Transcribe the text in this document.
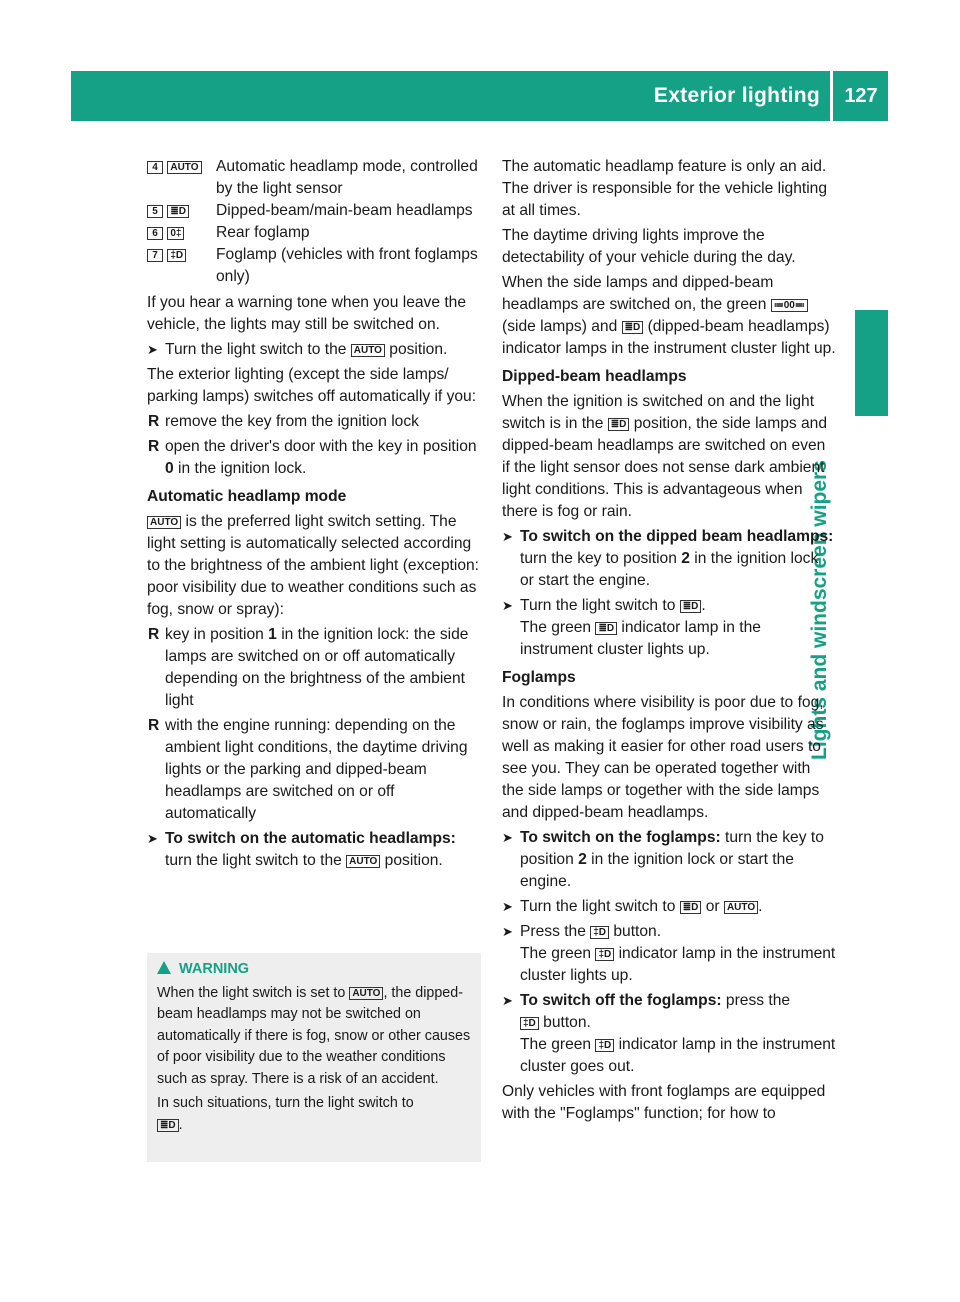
Exterior lighting	127
Lights and windscreen wipers
4 AUTO	Automatic headlamp mode, controlled by the light sensor
5 ≣D	Dipped-beam/main-beam headlamps
6 0‡	Rear foglamp
7 ‡D	Foglamp (vehicles with front foglamps only)

If you hear a warning tone when you leave the vehicle, the lights may still be switched on.

➤ Turn the light switch to the AUTO position.

The exterior lighting (except the side lamps/ parking lamps) switches off automatically if you:

R remove the key from the ignition lock

R open the driver's door with the key in position 0 in the ignition lock.

Automatic headlamp mode

AUTO is the preferred light switch setting. The light setting is automatically selected according to the brightness of the ambient light (exception: poor visibility due to weather conditions such as fog, snow or spray):

R key in position 1 in the ignition lock: the side lamps are switched on or off automatically depending on the brightness of the ambient light

R with the engine running: depending on the ambient light conditions, the daytime driving lights or the parking and dipped-beam headlamps are switched on or off automatically

➤ To switch on the automatic headlamps: turn the light switch to the AUTO position.

WARNING

When the light switch is set to AUTO , the dipped-beam headlamps may not be switched on automatically if there is fog, snow or other causes of poor visibility due to the weather conditions such as spray. There is a risk of an accident.

In such situations, turn the light switch to
≣D .

The automatic headlamp feature is only an aid. The driver is responsible for the vehicle lighting at all times.

The daytime driving lights improve the detectability of your vehicle during the day.

When the side lamps and dipped-beam headlamps are switched on, the green ≔00≕ (side lamps) and ≣D (dipped-beam headlamps) indicator lamps in the instrument cluster light up.

Dipped-beam headlamps

When the ignition is switched on and the light switch is in the ≣D position, the side lamps and dipped-beam headlamps are switched on even if the light sensor does not sense dark ambient light conditions. This is advantageous when there is fog or rain.

➤ To switch on the dipped beam headlamps: turn the key to position 2 in the ignition lock or start the engine.

➤ Turn the light switch to ≣D .
The green ≣D indicator lamp in the instrument cluster lights up.

Foglamps

In conditions where visibility is poor due to fog, snow or rain, the foglamps improve visibility as well as making it easier for other road users to see you. They can be operated together with the side lamps or together with the side lamps and dipped-beam headlamps.

➤ To switch on the foglamps: turn the key to position 2 in the ignition lock or start the engine.

➤ Turn the light switch to ≣D or AUTO .

➤ Press the ‡D button.
The green ‡D indicator lamp in the instrument cluster lights up.

➤ To switch off the foglamps: press the
‡D button.
The green ‡D indicator lamp in the instrument cluster goes out.

Only vehicles with front foglamps are equipped with the "Foglamps" function; for how to
